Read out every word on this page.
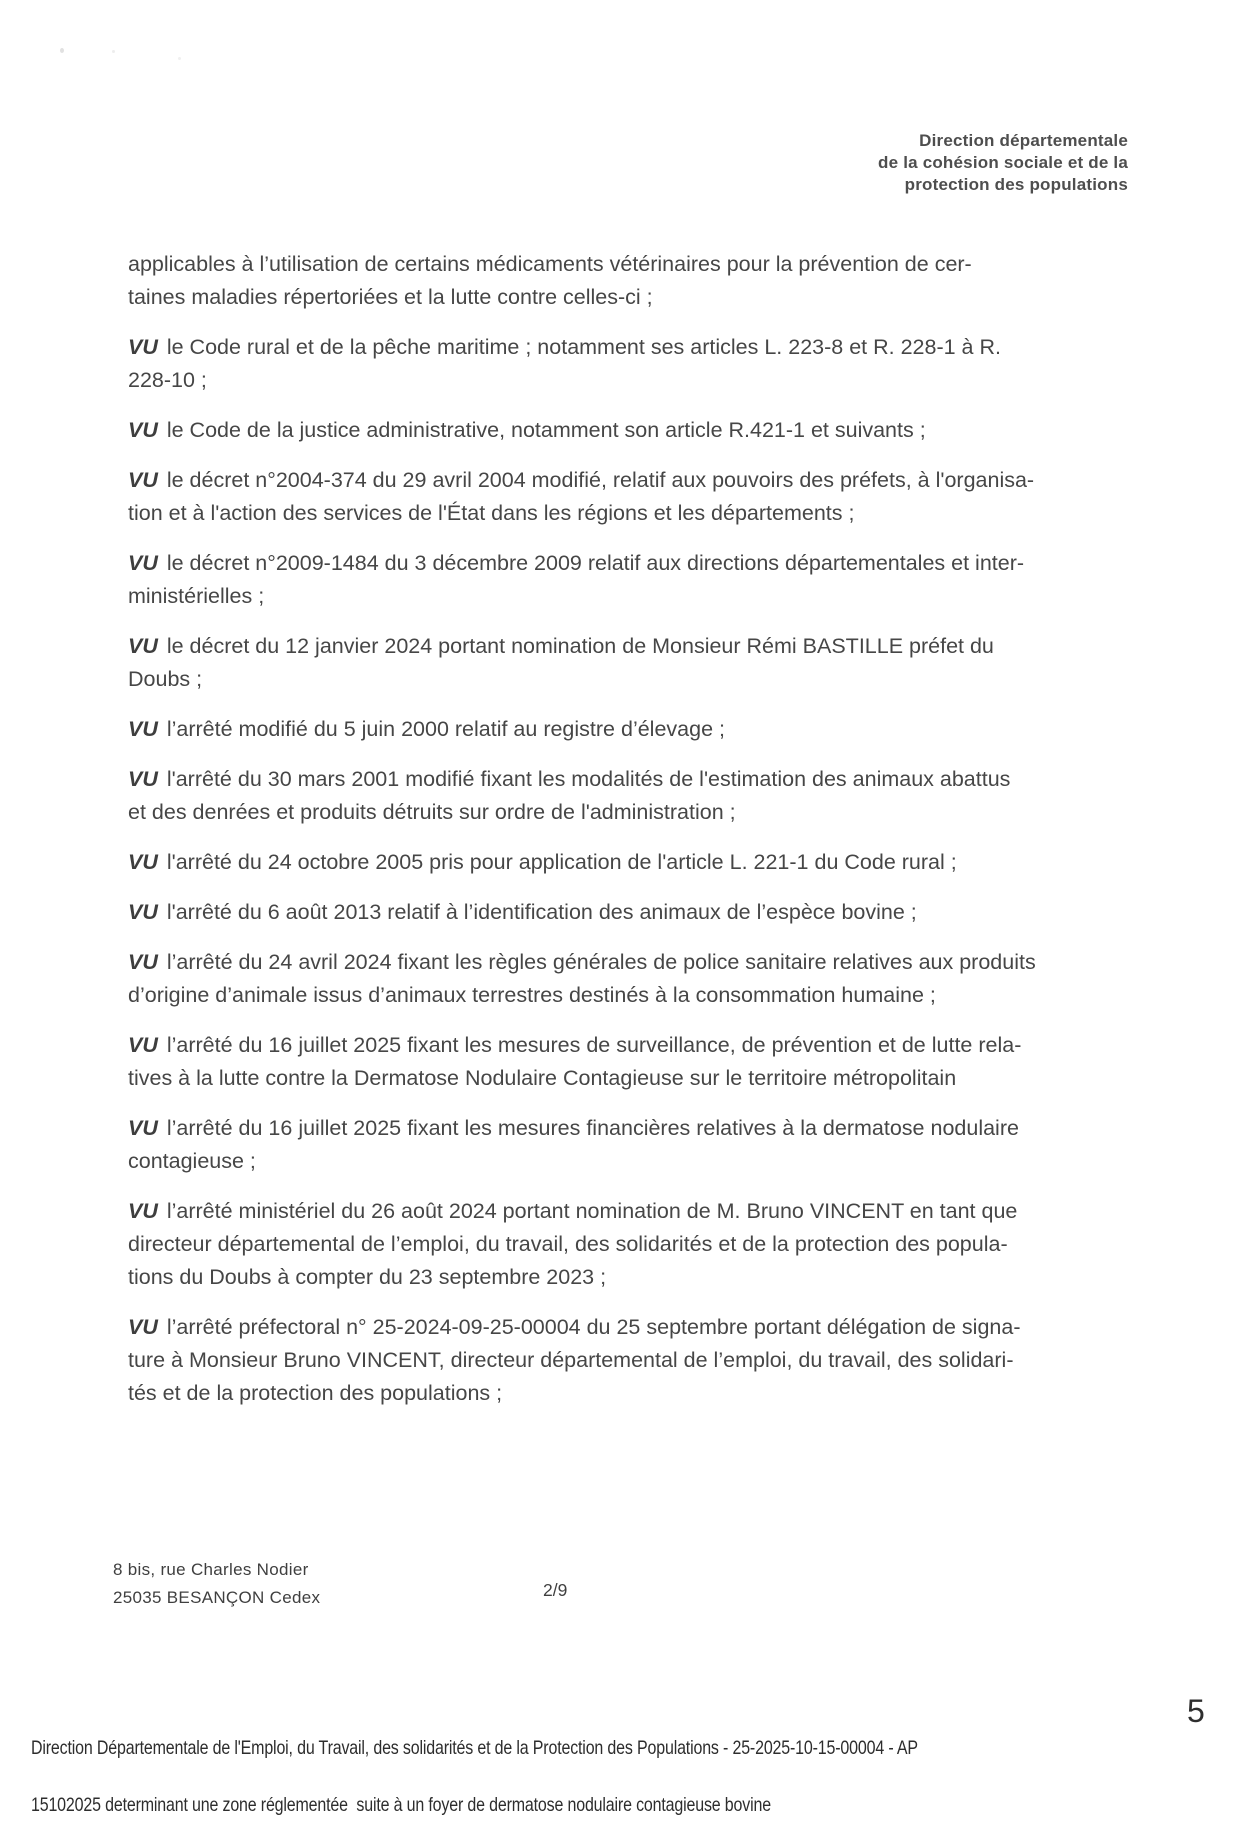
Direction départementale
de la cohésion sociale et de la
protection des populations

applicables à l’utilisation de certains médicaments vétérinaires pour la prévention de cer-
taines maladies répertoriées et la lutte contre celles-ci ;

VU le Code rural et de la pêche maritime ; notamment ses articles L. 223-8 et R. 228-1 à R.
228-10 ;

VU le Code de la justice administrative, notamment son article R.421-1 et suivants ;

VU le décret n°2004-374 du 29 avril 2004 modifié, relatif aux pouvoirs des préfets, à l'organisa-
tion et à l'action des services de l'État dans les régions et les départements ;

VU le décret n°2009-1484 du 3 décembre 2009 relatif aux directions départementales et inter-
ministérielles ;

VU le décret du 12 janvier 2024 portant nomination de Monsieur Rémi BASTILLE préfet du
Doubs ;

VU l’arrêté modifié du 5 juin 2000 relatif au registre d’élevage ;

VU l'arrêté du 30 mars 2001 modifié fixant les modalités de l'estimation des animaux abattus
et des denrées et produits détruits sur ordre de l'administration ;

VU l'arrêté du 24 octobre 2005 pris pour application de l'article L. 221-1 du Code rural ;

VU l'arrêté du 6 août 2013 relatif à l’identification des animaux de l’espèce bovine ;

VU l’arrêté du 24 avril 2024 fixant les règles générales de police sanitaire relatives aux produits
d’origine d’animale issus d’animaux terrestres destinés à la consommation humaine ;

VU l’arrêté du 16 juillet 2025 fixant les mesures de surveillance, de prévention et de lutte rela-
tives à la lutte contre la Dermatose Nodulaire Contagieuse sur le territoire métropolitain

VU l’arrêté du 16 juillet 2025 fixant les mesures financières relatives à la dermatose nodulaire
contagieuse ;

VU l’arrêté ministériel du 26 août 2024 portant nomination de M. Bruno VINCENT en tant que
directeur départemental de l’emploi, du travail, des solidarités et de la protection des popula-
tions du Doubs à compter du 23 septembre 2023 ;

VU l’arrêté préfectoral n° 25-2024-09-25-00004 du 25 septembre portant délégation de signa-
ture à Monsieur Bruno VINCENT, directeur départemental de l’emploi, du travail, des solidari-
tés et de la protection des populations ;

8 bis, rue Charles Nodier
25035 BESANÇON Cedex	2/9

Direction Départementale de l'Emploi, du Travail, des solidarités et de la Protection des Populations - 25-2025-10-15-00004 - AP

15102025 determinant une zone réglementée  suite à un foyer de dermatose nodulaire contagieuse bovine

5
